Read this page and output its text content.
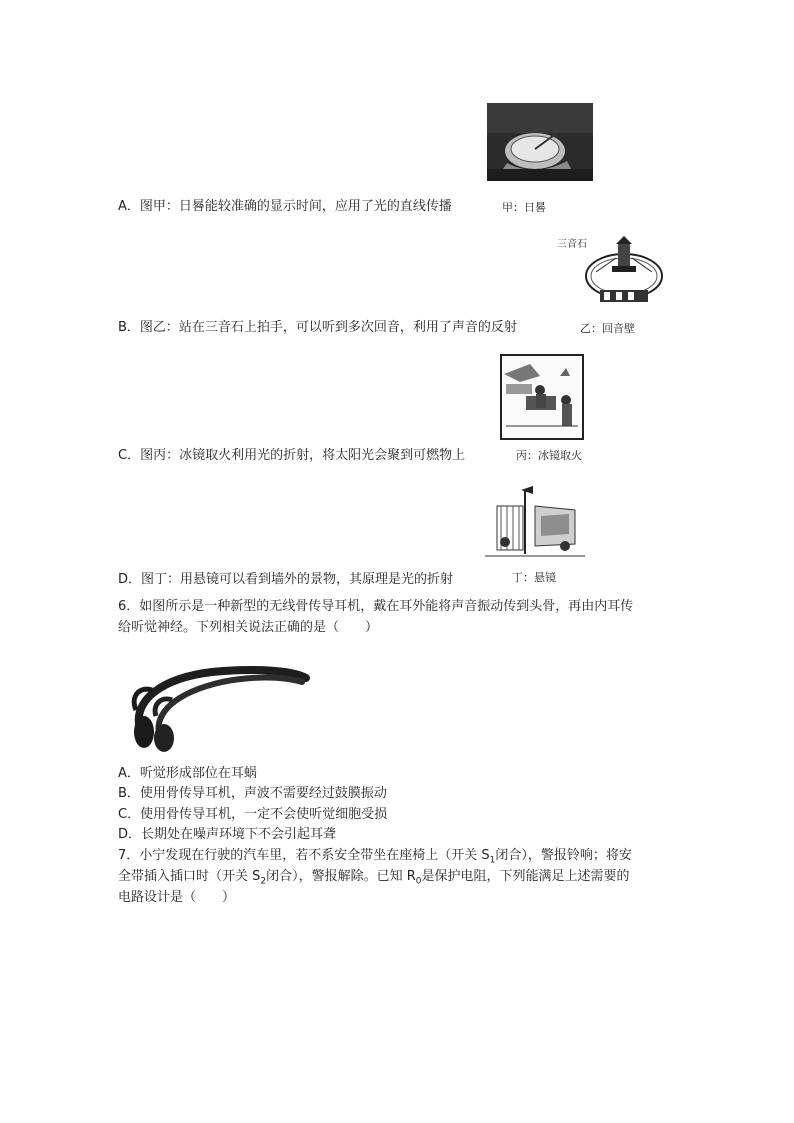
甲：日晷
A．图甲：日晷能较准确的显示时间，应用了光的直线传播
三音石
乙：回音壁
B．图乙：站在三音石上拍手，可以听到多次回音，利用了声音的反射
丙：冰镜取火
C．图丙：冰镜取火利用光的折射，将太阳光会聚到可燃物上
丁：悬镜
D．图丁：用悬镜可以看到墙外的景物，其原理是光的折射
6．如图所示是一种新型的无线骨传导耳机，戴在耳外能将声音振动传到头骨，再由内耳传
给听觉神经。下列相关说法正确的是（　　）
A．听觉形成部位在耳蜗
B．使用骨传导耳机，声波不需要经过鼓膜振动
C．使用骨传导耳机，一定不会使听觉细胞受损
D．长期处在噪声环境下不会引起耳聋
7．小宁发现在行驶的汽车里，若不系安全带坐在座椅上（开关 $S_1$闭合），警报铃响；将安
全带插入插口时（开关 $S_2$闭合），警报解除。已知 $R_0$是保护电阻，下列能满足上述需要的
电路设计是（　　）
